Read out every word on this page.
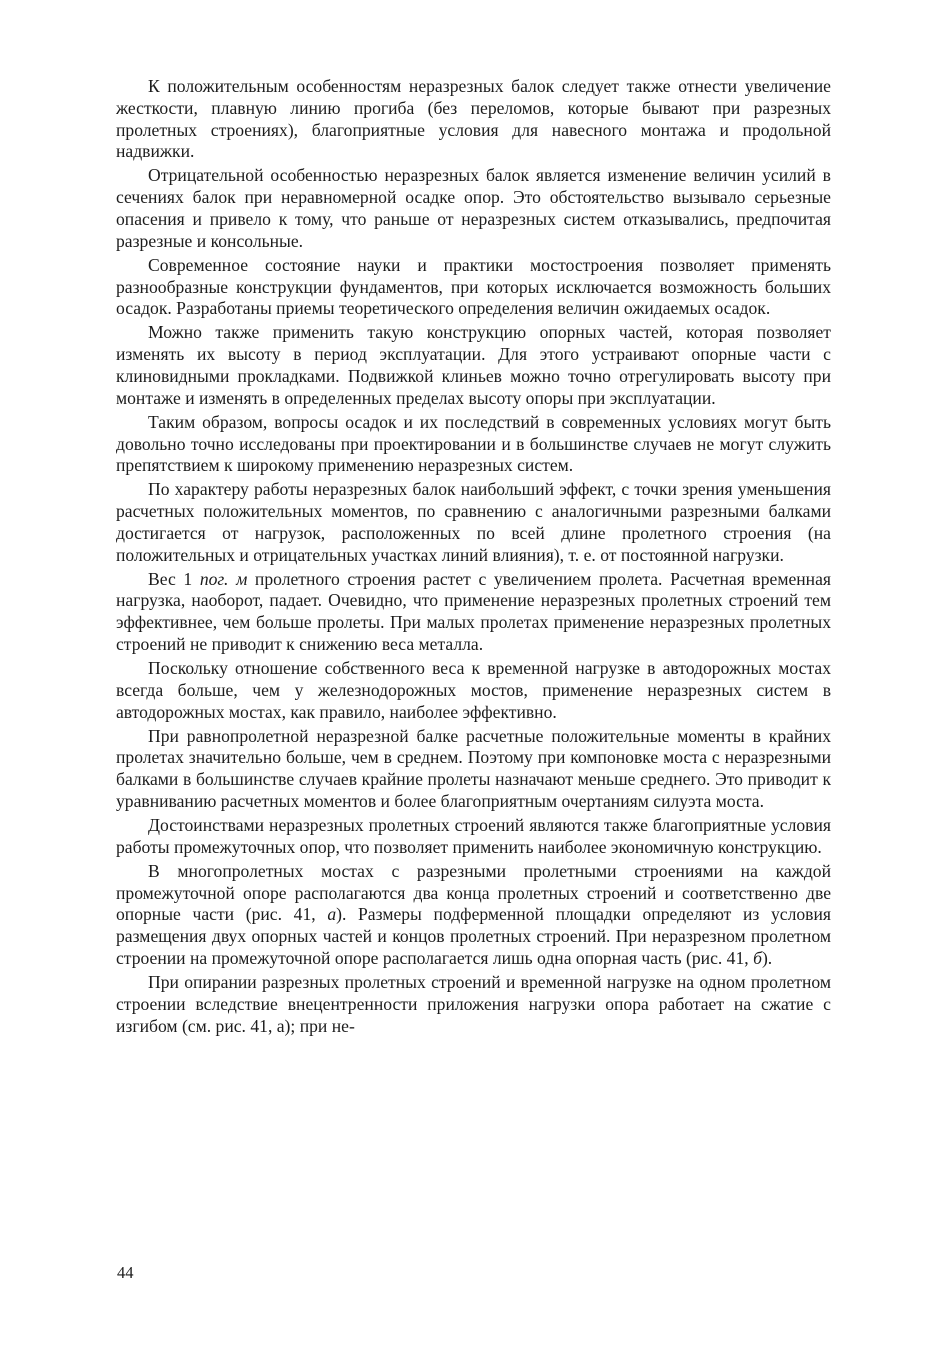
К положительным особенностям неразрезных балок следует также отнести увеличение жесткости, плавную линию прогиба (без переломов, которые бывают при разрезных пролетных строениях), благоприятные условия для навесного монтажа и продольной надвижки.

Отрицательной особенностью неразрезных балок является изменение величин усилий в сечениях балок при неравномерной осадке опор. Это обстоятельство вызывало серьезные опасения и привело к тому, что раньше от неразрезных систем отказывались, предпочитая разрезные и консольные.

Современное состояние науки и практики мостостроения позволяет применять разнообразные конструкции фундаментов, при которых исключается возможность больших осадок. Разработаны приемы теоретического определения величин ожидаемых осадок.

Можно также применить такую конструкцию опорных частей, которая позволяет изменять их высоту в период эксплуатации. Для этого устраивают опорные части с клиновидными прокладками. Подвижкой клиньев можно точно отрегулировать высоту при монтаже и изменять в определенных пределах высоту опоры при эксплуатации.

Таким образом, вопросы осадок и их последствий в современных условиях могут быть довольно точно исследованы при проектировании и в большинстве случаев не могут служить препятствием к широкому применению неразрезных систем.

По характеру работы неразрезных балок наибольший эффект, с точки зрения уменьшения расчетных положительных моментов, по сравнению с аналогичными разрезными балками достигается от нагрузок, расположенных по всей длине пролетного строения (на положительных и отрицательных участках линий влияния), т. е. от постоянной нагрузки.

Вес 1 пог. м пролетного строения растет с увеличением пролета. Расчетная временная нагрузка, наоборот, падает. Очевидно, что применение неразрезных пролетных строений тем эффективнее, чем больше пролеты. При малых пролетах применение неразрезных пролетных строений не приводит к снижению веса металла.

Поскольку отношение собственного веса к временной нагрузке в автодорожных мостах всегда больше, чем у железнодорожных мостов, применение неразрезных систем в автодорожных мостах, как правило, наиболее эффективно.

При равнопролетной неразрезной балке расчетные положительные моменты в крайних пролетах значительно больше, чем в среднем. Поэтому при компоновке моста с неразрезными балками в большинстве случаев крайние пролеты назначают меньше среднего. Это приводит к уравниванию расчетных моментов и более благоприятным очертаниям силуэта моста.

Достоинствами неразрезных пролетных строений являются также благоприятные условия работы промежуточных опор, что позволяет применить наиболее экономичную конструкцию.

В многопролетных мостах с разрезными пролетными строениями на каждой промежуточной опоре располагаются два конца пролетных строений и соответственно две опорные части (рис. 41, а). Размеры подферменной площадки определяют из условия размещения двух опорных частей и концов пролетных строений. При неразрезном пролетном строении на промежуточной опоре располагается лишь одна опорная часть (рис. 41, б).

При опирании разрезных пролетных строений и временной нагрузке на одном пролетном строении вследствие внецентренности приложения нагрузки опора работает на сжатие с изгибом (см. рис. 41, а); при не-

44
